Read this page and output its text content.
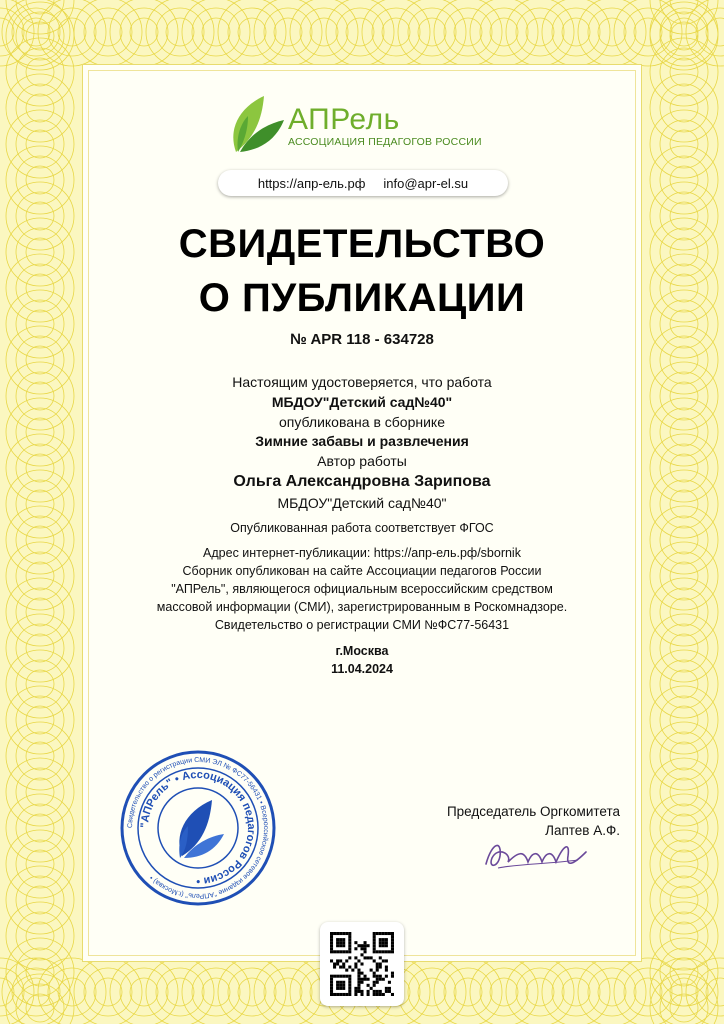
АПРель
АССОЦИАЦИЯ ПЕДАГОГОВ РОССИИ
https://апр-ель.рф info@apr-el.su
СВИДЕТЕЛЬСТВО
О ПУБЛИКАЦИИ
№ APR 118 - 634728
Настоящим удостоверяется, что работа
МБДОУ"Детский сад№40"
опубликована в сборнике
Зимние забавы и развлечения
Автор работы
Ольга Александровна Зарипова
МБДОУ"Детский сад№40"
Опубликованная работа соответствует ФГОС
Адрес интернет-публикации: https://апр-ель.рф/sbornik
Сборник опубликован на сайте Ассоциации педагогов России
"АПРель", являющегося официальным всероссийским средством
массовой информации (СМИ), зарегистрированным в Роскомнадзоре.
Свидетельство о регистрации СМИ №ФС77-56431
г.Москва
11.04.2024
Свидетельство о регистрации СМИ ЭЛ № ФС77-56431 • Всероссийское сетевое издание "АПРель" (г.Москва) •
"АПРель" • Ассоциация педагогов России •
Председатель Оргкомитета
Лаптев А.Ф.
